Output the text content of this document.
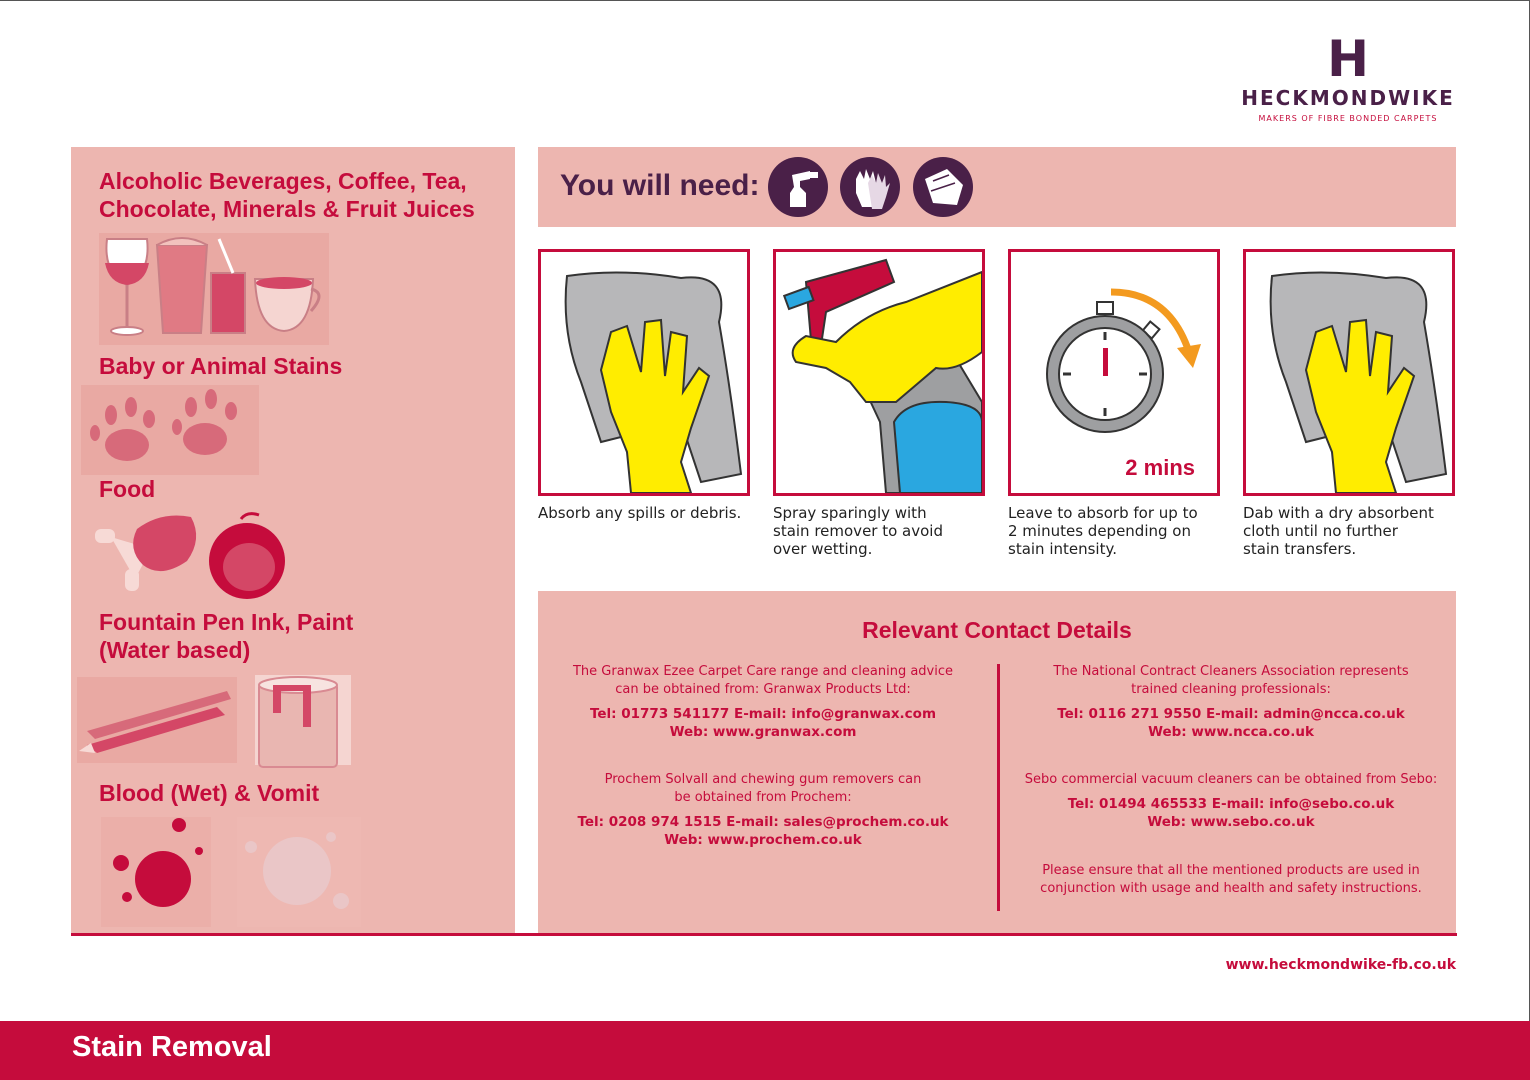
H
HECKMONDWIKE
MAKERS OF FIBRE BONDED CARPETS
Alcoholic Beverages, Coffee, Tea,
Chocolate, Minerals & Fruit Juices
Baby or Animal Stains
Food
Fountain Pen Ink, Paint
(Water based)
Blood (Wet) & Vomit
You will need:
Absorb any spills or debris.	Spray sparingly with
stain remover to avoid
over wetting.
2 mins
Leave to absorb for up to
2 minutes depending on
stain intensity.
Dab with a dry absorbent
cloth until no further
stain transfers.
Relevant Contact Details
The Granwax Ezee Carpet Care range and cleaning advice
can be obtained from: Granwax Products Ltd:
Tel: 01773 541177 E-mail: info@granwax.com
Web: www.granwax.com
Prochem Solvall and chewing gum removers can
be obtained from Prochem:
Tel: 0208 974 1515 E-mail: sales@prochem.co.uk
Web: www.prochem.co.uk
The National Contract Cleaners Association represents
trained cleaning professionals:
Tel: 0116 271 9550 E-mail: admin@ncca.co.uk
Web: www.ncca.co.uk
Sebo commercial vacuum cleaners can be obtained from Sebo:
Tel: 01494 465533 E-mail: info@sebo.co.uk
Web: www.sebo.co.uk
Please ensure that all the mentioned products are used in
conjunction with usage and health and safety instructions.
www.heckmondwike-fb.co.uk
Stain Removal
